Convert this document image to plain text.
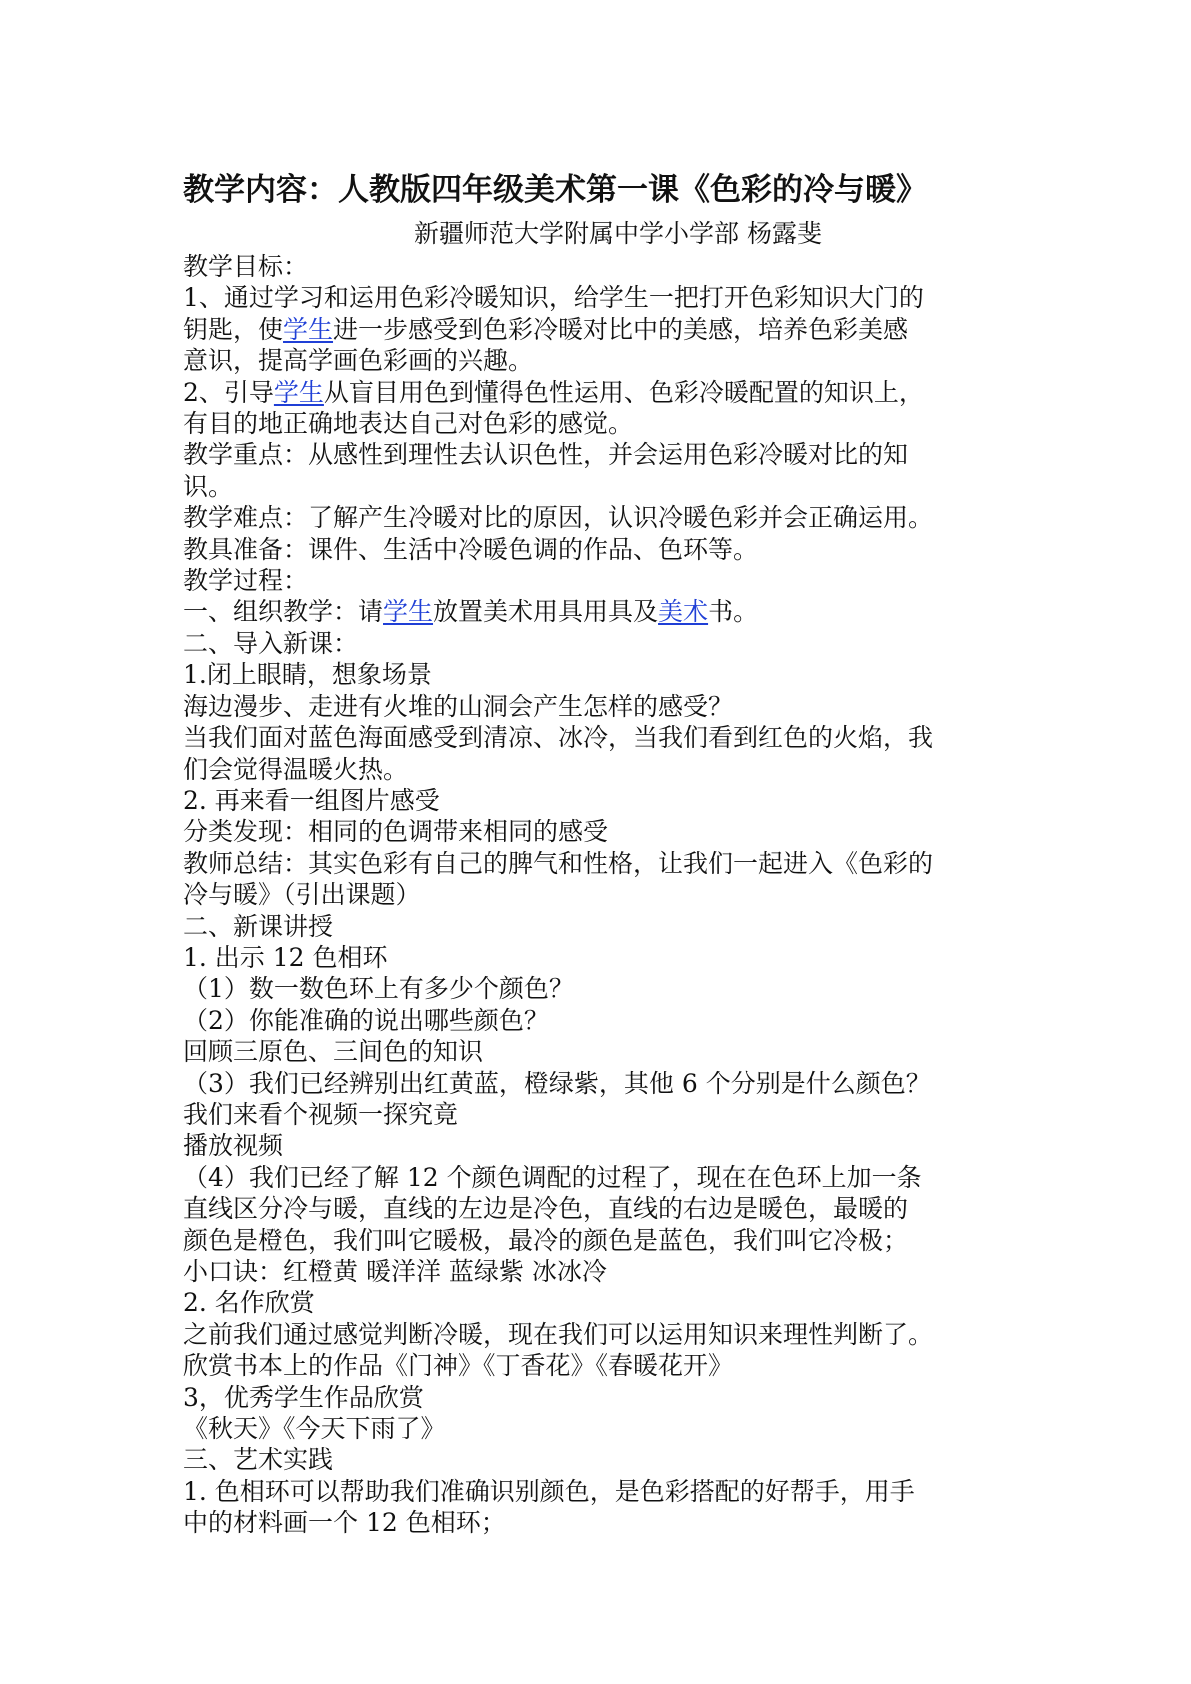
教学内容：人教版四年级美术第一课《色彩的冷与暖》
新疆师范大学附属中学小学部 杨露斐
教学目标：
1、通过学习和运用色彩冷暖知识，给学生一把打开色彩知识大门的
钥匙，使学生进一步感受到色彩冷暖对比中的美感，培养色彩美感
意识，提高学画色彩画的兴趣。
2、引导学生从盲目用色到懂得色性运用、色彩冷暖配置的知识上，
有目的地正确地表达自己对色彩的感觉。
教学重点：从感性到理性去认识色性，并会运用色彩冷暖对比的知
识。
教学难点：了解产生冷暖对比的原因，认识冷暖色彩并会正确运用。
教具准备：课件、生活中冷暖色调的作品、色环等。
教学过程：
一、组织教学：请学生放置美术用具用具及美术书。
二、导入新课：
1.闭上眼睛，想象场景
海边漫步、走进有火堆的山洞会产生怎样的感受？
当我们面对蓝色海面感受到清凉、冰冷，当我们看到红色的火焰，我
们会觉得温暖火热。
2. 再来看一组图片感受
分类发现：相同的色调带来相同的感受
教师总结：其实色彩有自己的脾气和性格，让我们一起进入《色彩的
冷与暖》（引出课题）
二、新课讲授
1. 出示 12 色相环
（1）数一数色环上有多少个颜色？
（2）你能准确的说出哪些颜色？
回顾三原色、三间色的知识
（3）我们已经辨别出红黄蓝，橙绿紫，其他 6 个分别是什么颜色？
我们来看个视频一探究竟
播放视频
（4）我们已经了解 12 个颜色调配的过程了，现在在色环上加一条
直线区分冷与暖，直线的左边是冷色，直线的右边是暖色，最暖的
颜色是橙色，我们叫它暖极，最冷的颜色是蓝色，我们叫它冷极；
小口诀：红橙黄 暖洋洋 蓝绿紫 冰冰冷
2. 名作欣赏
之前我们通过感觉判断冷暖，现在我们可以运用知识来理性判断了。
欣赏书本上的作品《门神》《丁香花》《春暖花开》
3，优秀学生作品欣赏
《秋天》《今天下雨了》
三、艺术实践
1. 色相环可以帮助我们准确识别颜色，是色彩搭配的好帮手，用手
中的材料画一个 12 色相环；
